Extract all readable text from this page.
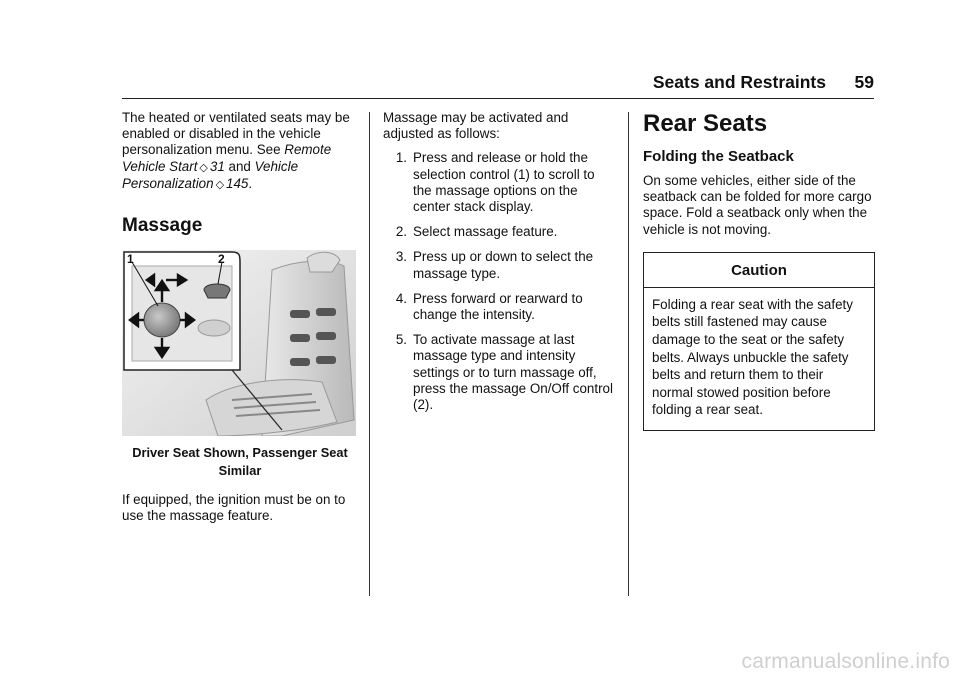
Seats and Restraints	59

The heated or ventilated seats may be enabled or disabled in the vehicle personalization menu. See Remote Vehicle Start ◇ 31 and Vehicle Personalization ◇ 145.

Massage
1	2
Driver Seat Shown, Passenger Seat Similar

If equipped, the ignition must be on to use the massage feature.

Massage may be activated and adjusted as follows:

1. Press and release or hold the selection control (1) to scroll to the massage options on the center stack display.
2. Select massage feature.
3. Press up or down to select the massage type.
4. Press forward or rearward to change the intensity.
5. To activate massage at last massage type and intensity settings or to turn massage off, press the massage On/Off control (2).
Rear Seats
Folding the Seatback

On some vehicles, either side of the seatback can be folded for more cargo space. Fold a seatback only when the vehicle is not moving.

Caution
Folding a rear seat with the safety belts still fastened may cause damage to the seat or the safety belts. Always unbuckle the safety belts and return them to their normal stowed position before folding a rear seat.
carmanualsonline.info
